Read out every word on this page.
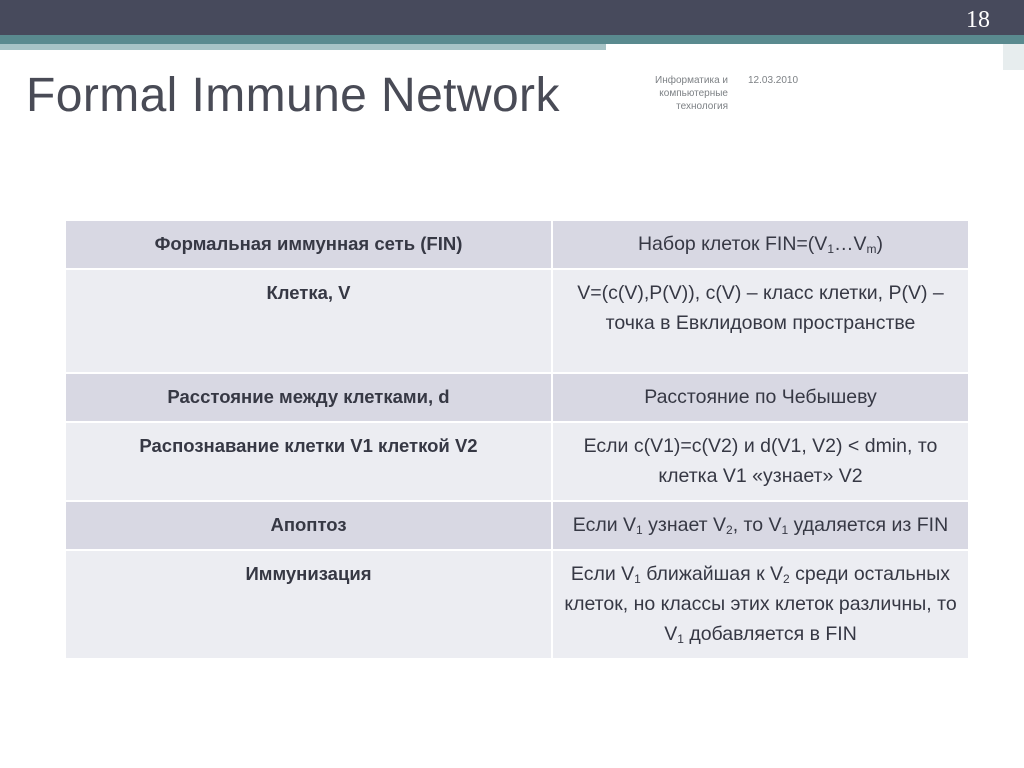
18
Formal Immune Network	Информатика и компьютерные технология
12.03.2010
Формальная иммунная сеть (FIN)	Набор клеток $FIN=(V_1\dots V_m)$
Клетка, V	V=(c(V),P(V)), c(V) – класс клетки, P(V) – точка в Евклидовом пространстве
Расстояние между клетками, d	Расстояние по Чебышеву
Распознавание клетки V1 клеткой V2	Если c(V1)=c(V2) и d(V1, V2) < dmin, то клетка V1 «узнает» V2
Апоптоз	Если $V_1$ узнает $V_2$, то $V_1$ удаляется из FIN
Иммунизация	Если $V_1$ ближайшая к $V_2$ среди остальных клеток, но классы этих клеток различны, то $V_1$ добавляется в FIN
